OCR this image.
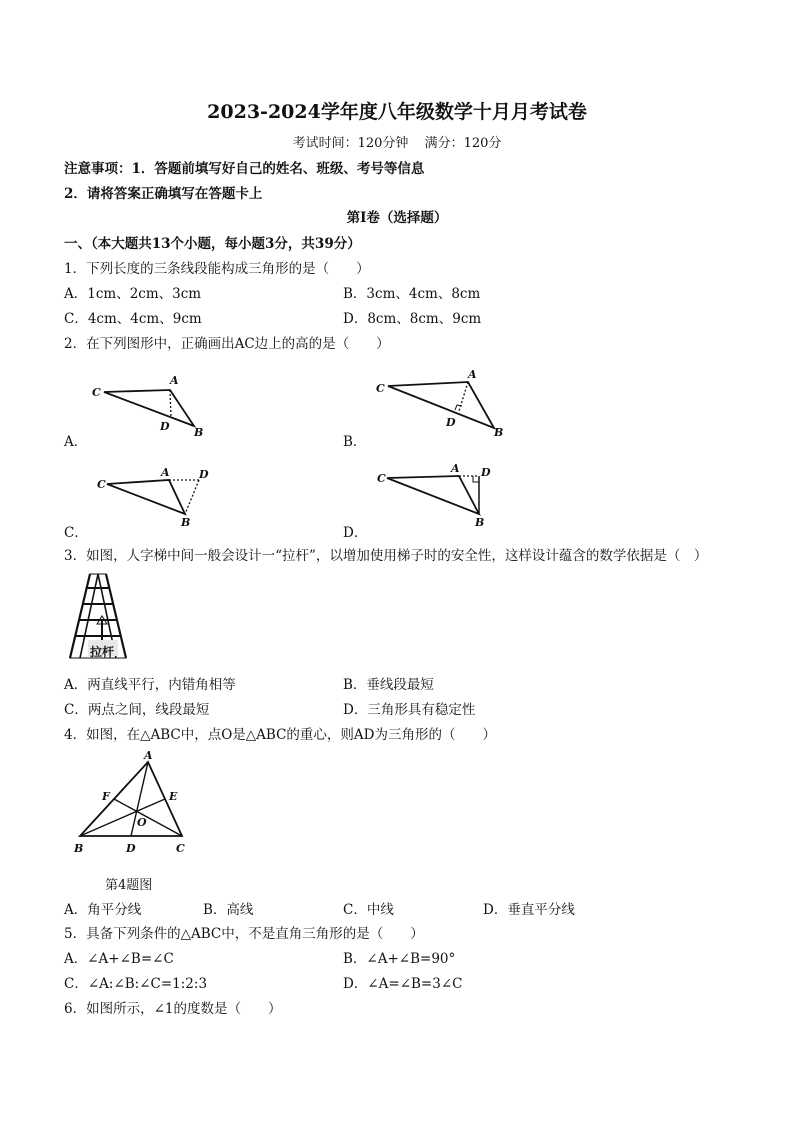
2023-2024学年度八年级数学十月月考试卷
考试时间：120分钟 满分：120分
注意事项：1．答题前填写好自己的姓名、班级、考号等信息
2．请将答案正确填写在答题卡上
第I卷（选择题）
一、（本大题共13个小题，每小题3分，共39分）
1．下列长度的三条线段能构成三角形的是（　　）
A．1cm、2cm、3cm	B．3cm、4cm、8cm
C．4cm、4cm、9cm	D．8cm、8cm、9cm
2．在下列图形中，正确画出AC边上的高的是（　　）
C
A
D B
A．
C
A
D
B
B．
C
A	D
B
C．
C
A D
B
D．
3．如图，人字梯中间一般会设计一“拉杆”，以增加使用梯子时的安全性，这样设计蕴含的数学依据是（　）
拉杆
A．两直线平行，内错角相等	B．垂线段最短
C．两点之间，线段最短	D．三角形具有稳定性
4．如图，在△ABC中，点O是△ABC的重心，则AD为三角形的（　　）
A
B	C
D
E
F
O
第4题图
A．角平分线	B．高线	C．中线	D．垂直平分线
5．具备下列条件的△ABC中，不是直角三角形的是（　　）
A．∠A+∠B=∠C	B．∠A+∠B=90°
C．∠A:∠B:∠C=1:2:3	D．∠A=∠B=3∠C
6．如图所示，∠1的度数是（　　）
